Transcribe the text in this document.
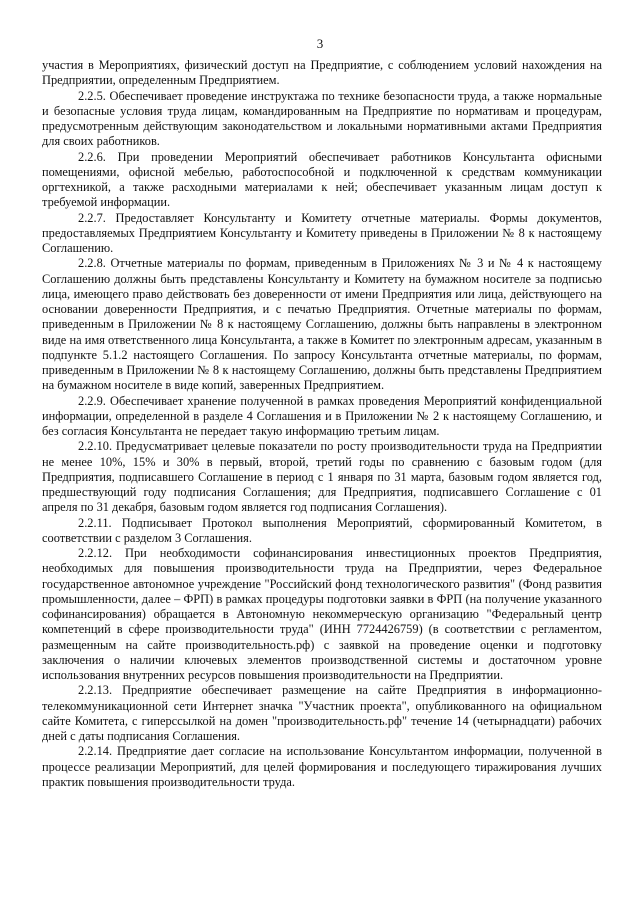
3

участия в Мероприятиях, физический доступ на Предприятие, с соблюдением условий нахождения на Предприятии, определенным Предприятием.

2.2.5. Обеспечивает проведение инструктажа по технике безопасности труда, а также нормальные и безопасные условия труда лицам, командированным на Предприятие по нормативам и процедурам, предусмотренным действующим законодательством и локальными нормативными актами Предприятия для своих работников.

2.2.6. При проведении Мероприятий обеспечивает работников Консультанта офисными помещениями, офисной мебелью, работоспособной и подключенной к средствам коммуникации оргтехникой, а также расходными материалами к ней; обеспечивает указанным лицам доступ к требуемой информации.

2.2.7. Предоставляет Консультанту и Комитету отчетные материалы. Формы документов, предоставляемых Предприятием Консультанту и Комитету приведены в Приложении № 8 к настоящему Соглашению.

2.2.8. Отчетные материалы по формам, приведенным в Приложениях № 3 и № 4 к настоящему Соглашению должны быть представлены Консультанту и Комитету на бумажном носителе за подписью лица, имеющего право действовать без доверенности от имени Предприятия или лица, действующего на основании доверенности Предприятия, и с печатью Предприятия. Отчетные материалы по формам, приведенным в Приложении № 8 к настоящему Соглашению, должны быть направлены в электронном виде на имя ответственного лица Консультанта, а также в Комитет по электронным адресам, указанным в подпункте 5.1.2 настоящего Соглашения. По запросу Консультанта отчетные материалы, по формам, приведенным в Приложении № 8 к настоящему Соглашению, должны быть представлены Предприятием на бумажном носителе в виде копий, заверенных Предприятием.

2.2.9. Обеспечивает хранение полученной в рамках проведения Мероприятий конфиденциальной информации, определенной в разделе 4 Соглашения и в Приложении № 2 к настоящему Соглашению, и без согласия Консультанта не передает такую информацию третьим лицам.

2.2.10. Предусматривает целевые показатели по росту производительности труда на Предприятии не менее 10%, 15% и 30% в первый, второй, третий годы по сравнению с базовым годом (для Предприятия, подписавшего Соглашение в период с 1 января по 31 марта, базовым годом является год, предшествующий году подписания Соглашения; для Предприятия, подписавшего Соглашение с 01 апреля по 31 декабря, базовым годом является год подписания Соглашения).

2.2.11. Подписывает Протокол выполнения Мероприятий, сформированный Комитетом, в соответствии с разделом 3 Соглашения.

2.2.12. При необходимости софинансирования инвестиционных проектов Предприятия, необходимых для повышения производительности труда на Предприятии, через Федеральное государственное автономное учреждение "Российский фонд технологического развития" (Фонд развития промышленности, далее – ФРП) в рамках процедуры подготовки заявки в ФРП (на получение указанного софинансирования) обращается в Автономную некоммерческую организацию "Федеральный центр компетенций в сфере производительности труда" (ИНН 7724426759) (в соответствии с регламентом, размещенным на сайте производительность.рф) с заявкой на проведение оценки и подготовку заключения о наличии ключевых элементов производственной системы и достаточном уровне использования внутренних ресурсов повышения производительности на Предприятии.

2.2.13. Предприятие обеспечивает размещение на сайте Предприятия в информационно-телекоммуникационной сети Интернет значка "Участник проекта", опубликованного на официальном сайте Комитета, с гиперссылкой на домен "производительность.рф" течение 14 (четырнадцати) рабочих дней с даты подписания Соглашения.

2.2.14. Предприятие дает согласие на использование Консультантом информации, полученной в процессе реализации Мероприятий, для целей формирования и последующего тиражирования лучших практик повышения производительности труда.
